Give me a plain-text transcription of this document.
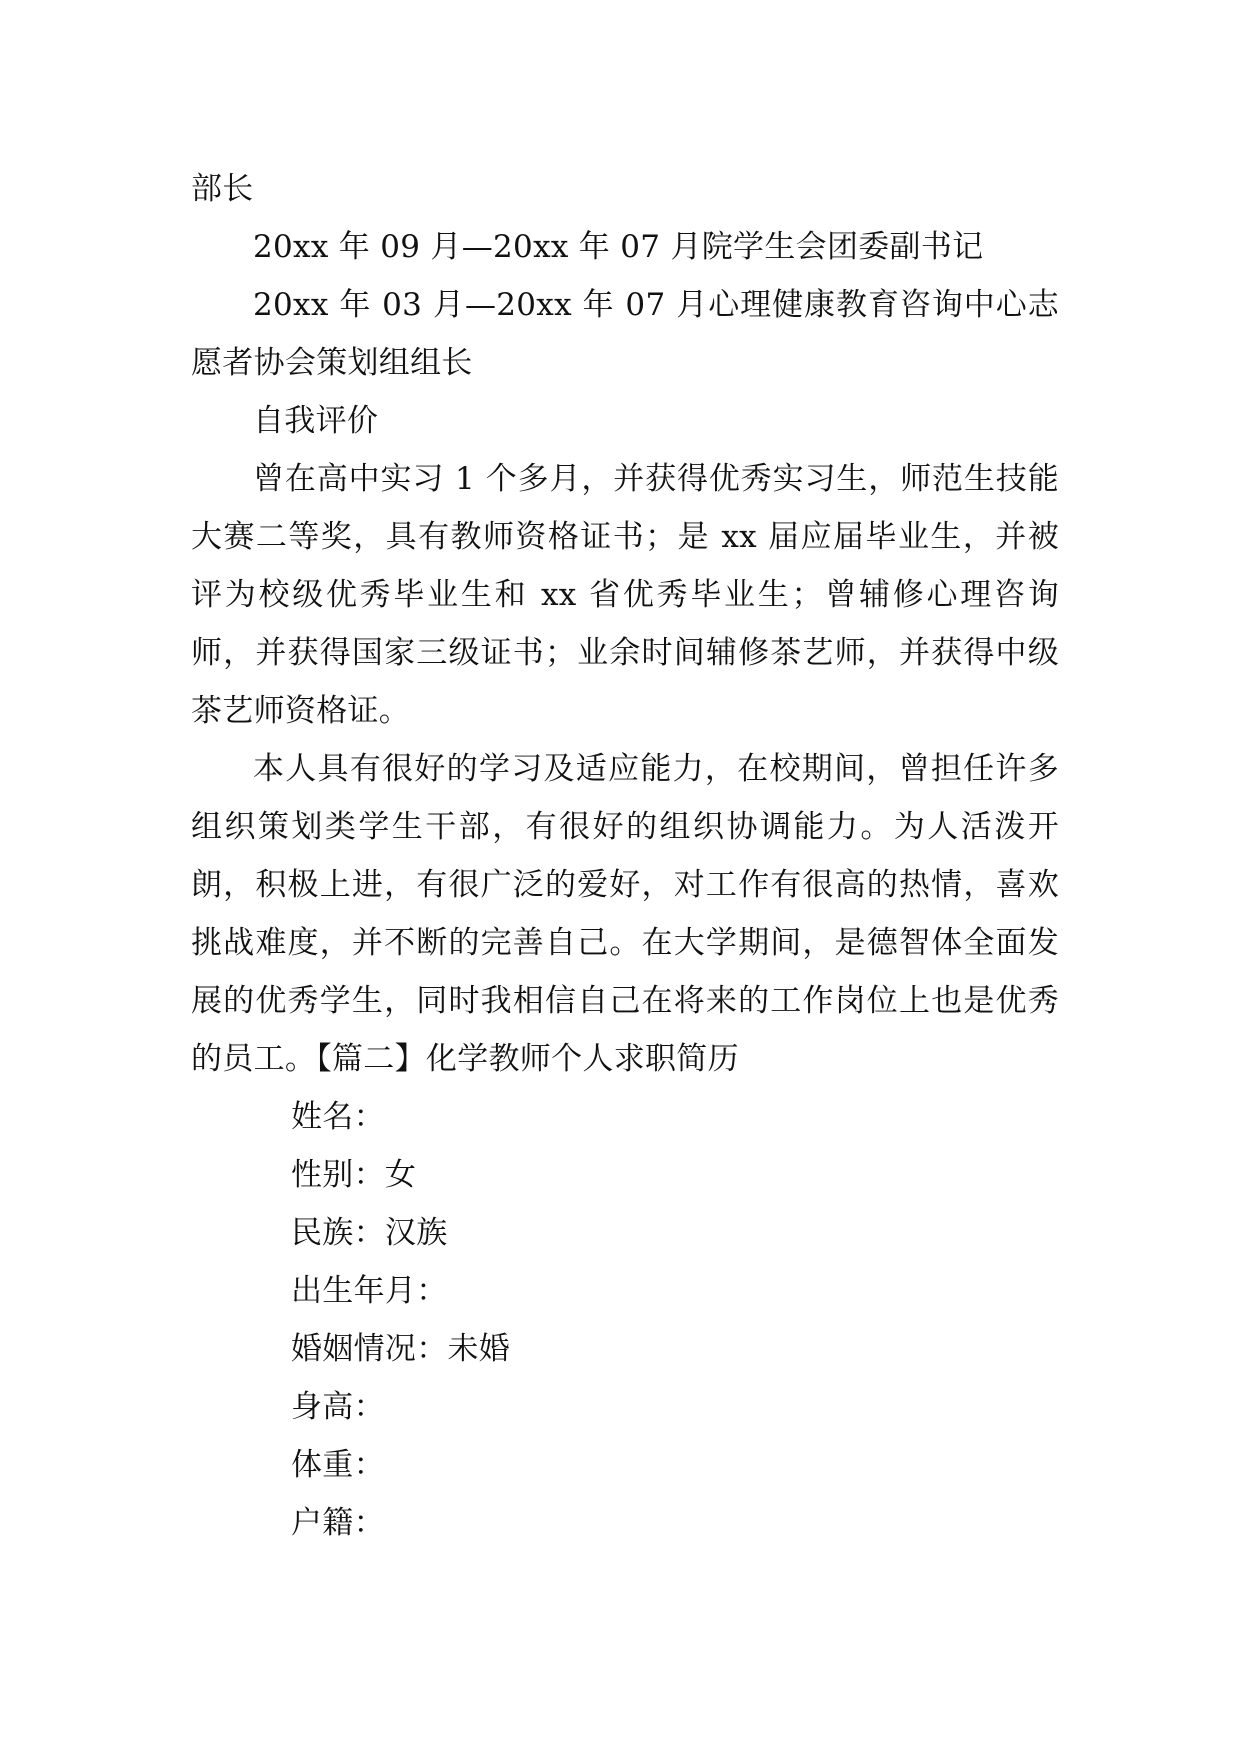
部长

20xx 年 09 月—20xx 年 07 月院学生会团委副书记

20xx 年 03 月—20xx 年 07 月心理健康教育咨询中心志愿者协会策划组组长

自我评价

曾在高中实习 1 个多月，并获得优秀实习生，师范生技能大赛二等奖，具有教师资格证书；是 xx 届应届毕业生，并被评为校级优秀毕业生和 xx 省优秀毕业生；曾辅修心理咨询师，并获得国家三级证书；业余时间辅修茶艺师，并获得中级茶艺师资格证。

本人具有很好的学习及适应能力，在校期间，曾担任许多组织策划类学生干部，有很好的组织协调能力。为人活泼开朗，积极上进，有很广泛的爱好，对工作有很高的热情，喜欢挑战难度，并不断的完善自己。在大学期间，是德智体全面发展的优秀学生，同时我相信自己在将来的工作岗位上也是优秀的员工。【篇二】化学教师个人求职简历

姓名：
性别：女
民族：汉族
出生年月：
婚姻情况：未婚
身高：
体重：
户籍：
